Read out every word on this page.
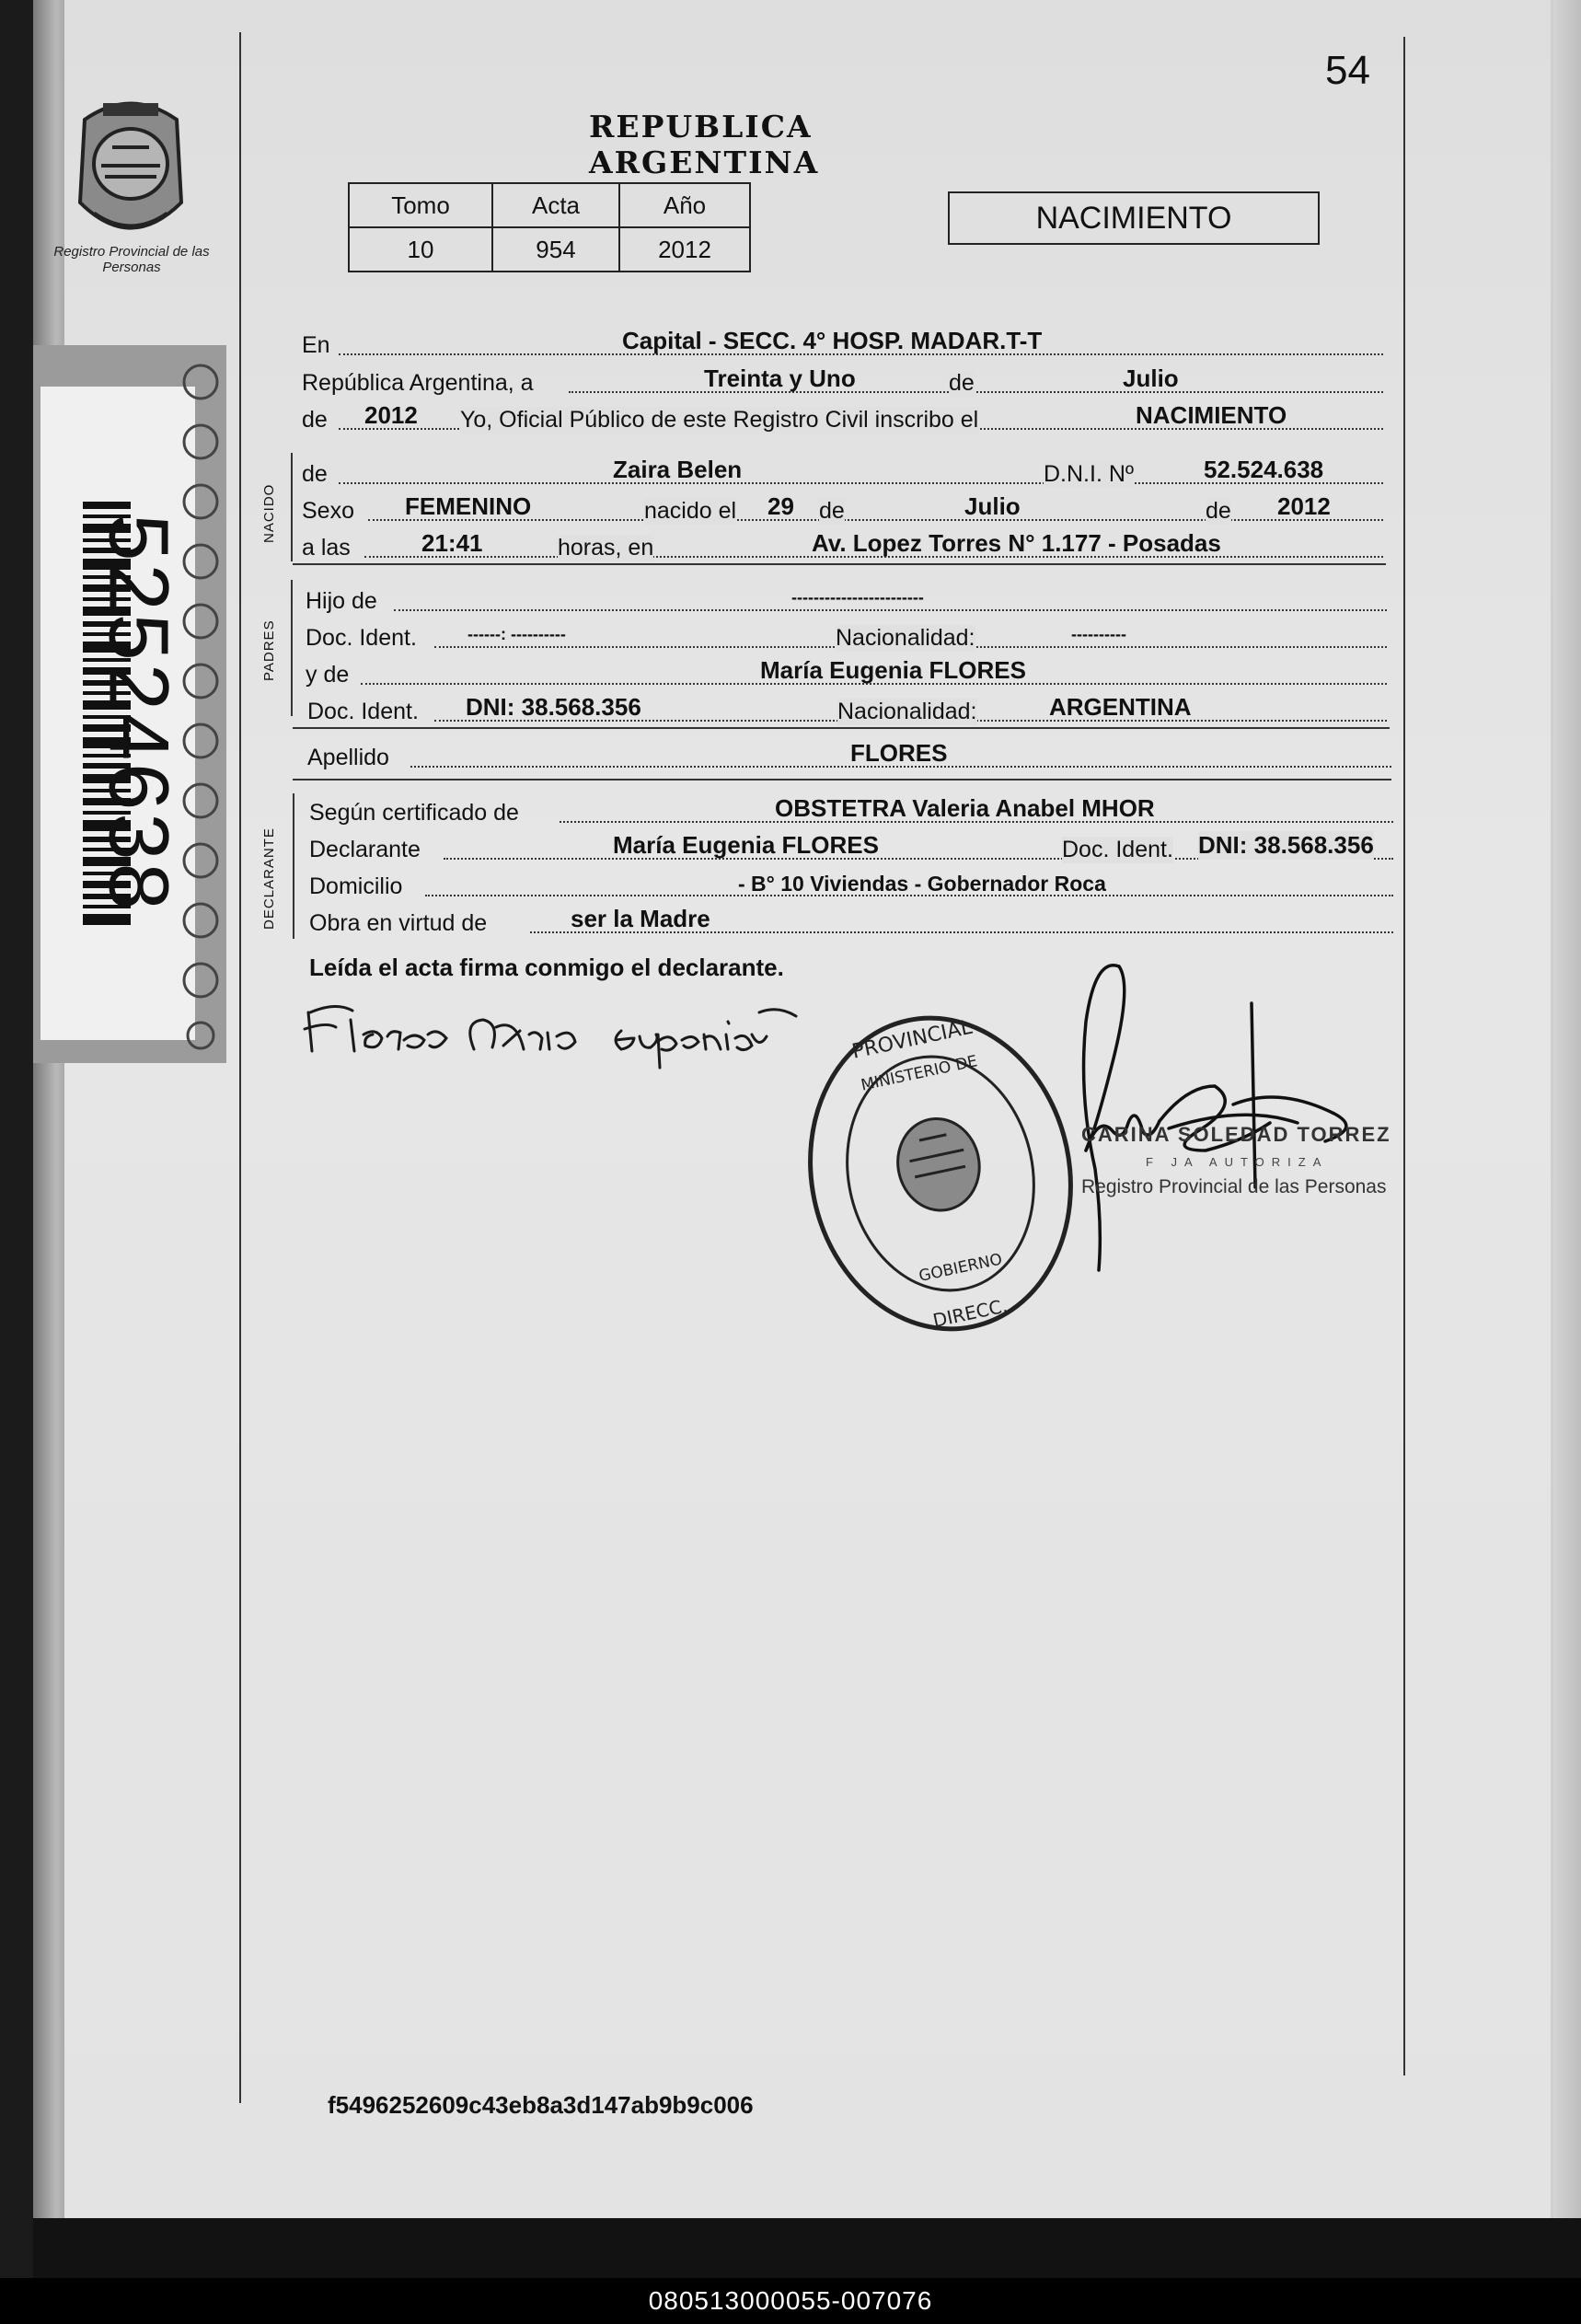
Registro Provincial de las Personas
52524638
54
REPUBLICA ARGENTINA
Tomo	Acta	Año
10	954	2012
NACIMIENTO
En	Capital - SECC. 4° HOSP. MADAR.T-T
República Argentina, a	Treinta y Uno	de	Julio
de 2012 Yo, Oficial Público de este Registro Civil inscribo el	NACIMIENTO
NACIDO
de	Zaira Belen	D.N.I. Nº	52.524.638
Sexo FEMENINO	nacido el 29 de	Julio	de 2012
a las	21:41	horas, en	Av. Lopez Torres N° 1.177 - Posadas
PADRES
Hijo de	------------------------
Doc. Ident.	------: ----------	Nacionalidad:	----------
y de	María Eugenia FLORES
Doc. Ident. DNI: 38.568.356	Nacionalidad:	ARGENTINA
Apellido	FLORES
DECLARANTE
Según certificado de	OBSTETRA Valeria Anabel MHOR
Declarante	María Eugenia FLORES	Doc. Ident. DNI: 38.568.356
Domicilio	- B° 10 Viviendas - Gobernador Roca
Obra en virtud de	ser la Madre
Leída el acta firma conmigo el declarante.
PROVINCIAL
DIRECC.
MINISTERIO DE
GOBIERNO
CARINA SOLEDAD TORREZ
F JA AUTORIZA
Registro Provincial de las Personas
f5496252609c43eb8a3d147ab9b9c006
080513000055-007076
